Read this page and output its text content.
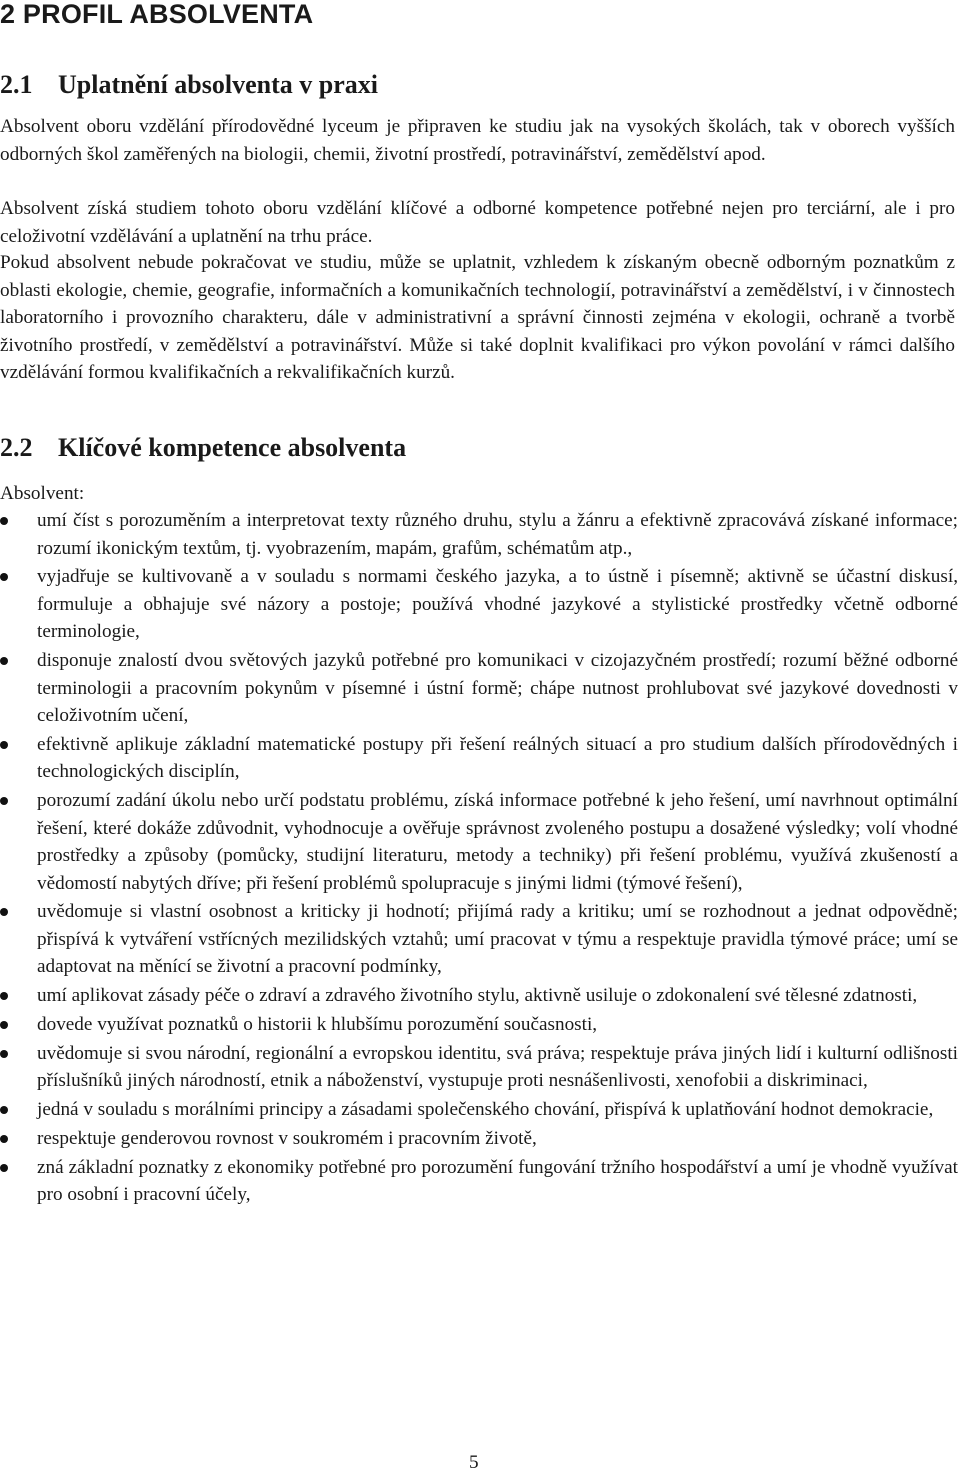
2 PROFIL ABSOLVENTA
2.1 Uplatnění absolventa v praxi

Absolvent oboru vzdělání přírodovědné lyceum je připraven ke studiu jak na vysokých školách, tak v oborech vyšších odborných škol zaměřených na biologii, chemii, životní prostředí, potravinářství, zemědělství apod.

Absolvent získá studiem tohoto oboru vzdělání klíčové a odborné kompetence potřebné nejen pro terciární, ale i pro celoživotní vzdělávání a uplatnění na trhu práce.

Pokud absolvent nebude pokračovat ve studiu, může se uplatnit, vzhledem k získaným obecně odborným poznatkům z oblasti ekologie, chemie, geografie, informačních a komunikačních technologií, potravinářství a zemědělství, i v činnostech laboratorního i provozního charakteru, dále v administrativní a správní činnosti zejména v ekologii, ochraně a tvorbě životního prostředí, v zemědělství a potravinářství. Může si také doplnit kvalifikaci pro výkon povolání v rámci dalšího vzdělávání formou kvalifikačních a rekvalifikačních kurzů.

2.2 Klíčové kompetence absolventa

Absolvent:

umí číst s porozuměním a interpretovat texty různého druhu, stylu a žánru a efektivně zpracovává získané informace; rozumí ikonickým textům, tj. vyobrazením, mapám, grafům, schématům atp.,
vyjadřuje se kultivovaně a v souladu s normami českého jazyka, a to ústně i písemně; aktivně se účastní diskusí, formuluje a obhajuje své názory a postoje; používá vhodné jazykové a stylistické prostředky včetně odborné terminologie,
disponuje znalostí dvou světových jazyků potřebné pro komunikaci v cizojazyčném prostředí; rozumí běžné odborné terminologii a pracovním pokynům v písemné i ústní formě; chápe nutnost prohlubovat své jazykové dovednosti v celoživotním učení,
efektivně aplikuje základní matematické postupy při řešení reálných situací a pro studium dalších přírodovědných i technologických disciplín,
porozumí zadání úkolu nebo určí podstatu problému, získá informace potřebné k jeho řešení, umí navrhnout optimální řešení, které dokáže zdůvodnit, vyhodnocuje a ověřuje správnost zvoleného postupu a dosažené výsledky; volí vhodné prostředky a způsoby (pomůcky, studijní literaturu, metody a techniky) při řešení problému, využívá zkušeností a vědomostí nabytých dříve; při řešení problémů spolupracuje s jinými lidmi (týmové řešení),
uvědomuje si vlastní osobnost a kriticky ji hodnotí; přijímá rady a kritiku; umí se rozhodnout a jednat odpovědně; přispívá k vytváření vstřícných mezilidských vztahů; umí pracovat v týmu a respektuje pravidla týmové práce; umí se adaptovat na měnící se životní a pracovní podmínky,
umí aplikovat zásady péče o zdraví a zdravého životního stylu, aktivně usiluje o zdokonalení své tělesné zdatnosti,
dovede využívat poznatků o historii k hlubšímu porozumění současnosti,
uvědomuje si svou národní, regionální a evropskou identitu, svá práva; respektuje práva jiných lidí i kulturní odlišnosti příslušníků jiných národností, etnik a náboženství, vystupuje proti nesnášenlivosti, xenofobii a diskriminaci,
jedná v souladu s morálními principy a zásadami společenského chování, přispívá k uplatňování hodnot demokracie,
respektuje genderovou rovnost v soukromém i pracovním životě,
zná základní poznatky z ekonomiky potřebné pro porozumění fungování tržního hospodářství a umí je vhodně využívat pro osobní i pracovní účely,
5
